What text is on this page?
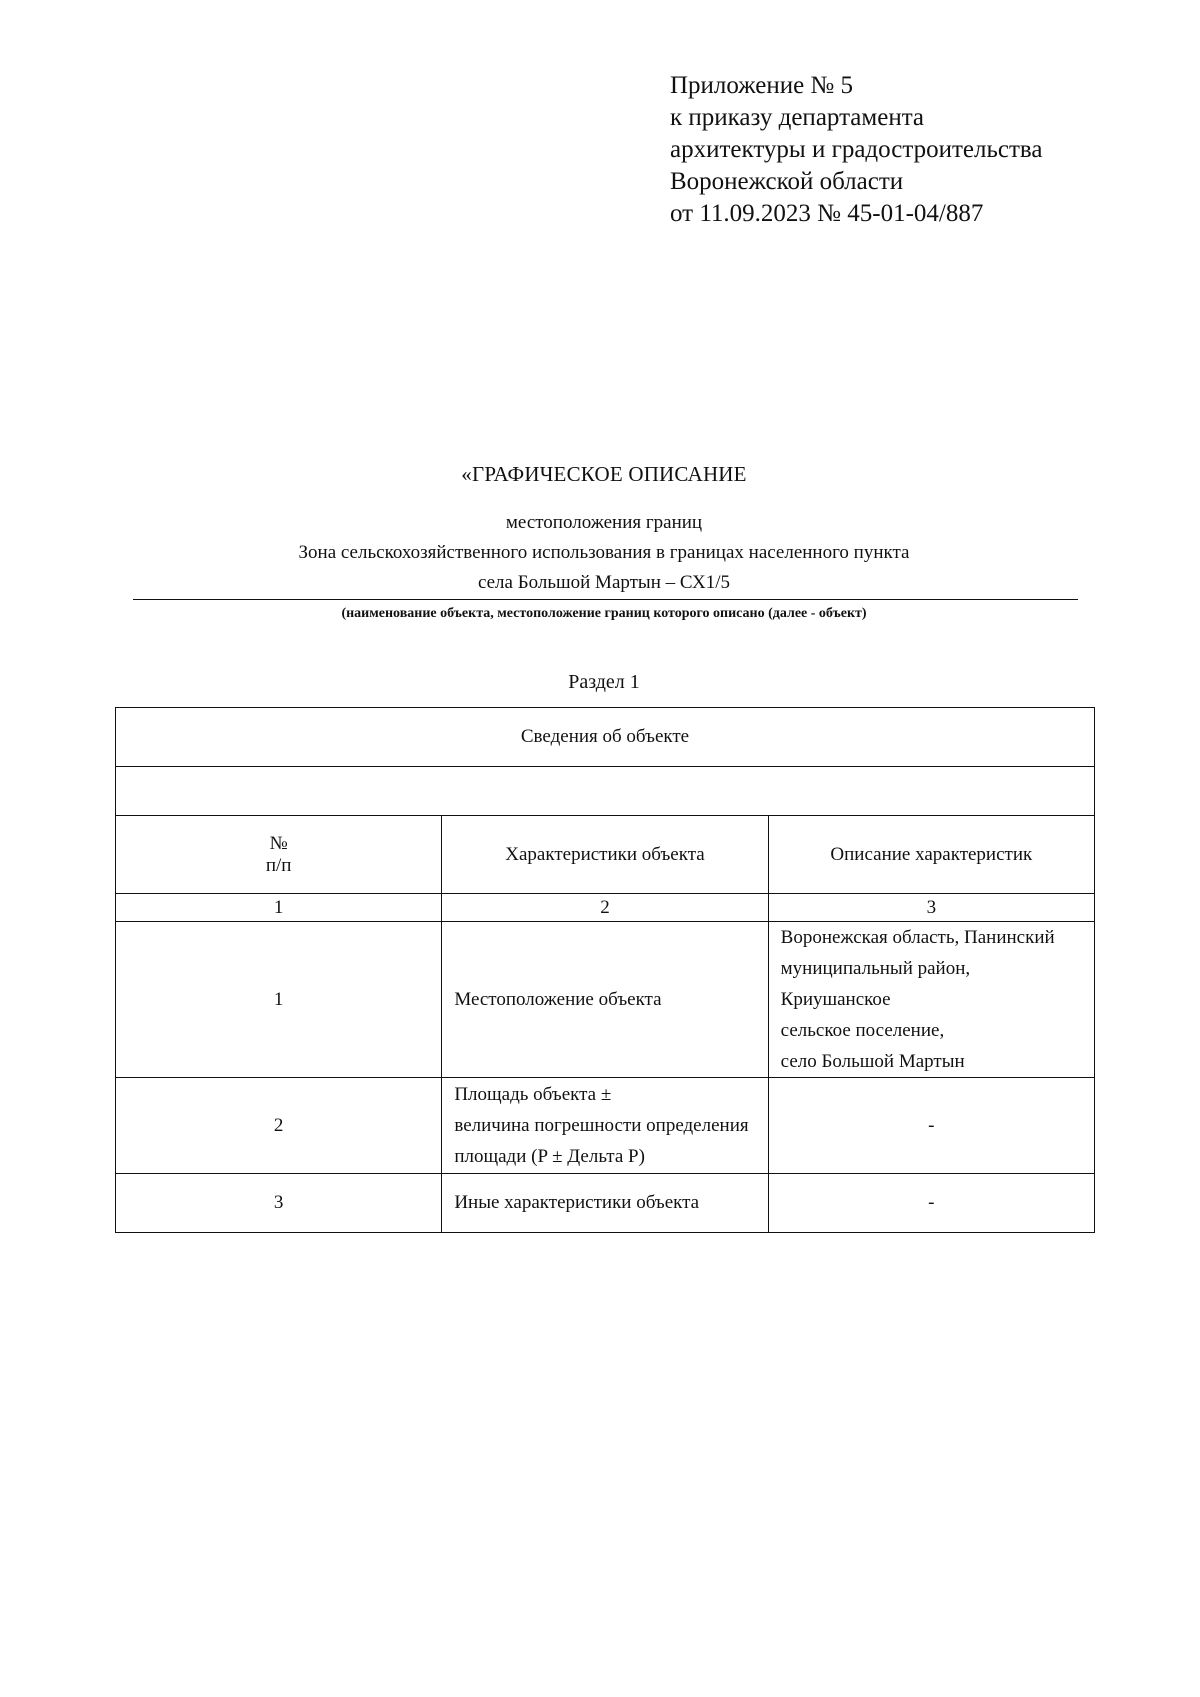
Приложение № 5
к приказу департамента
архитектуры и градостроительства
Воронежской области
от 11.09.2023 № 45-01-04/887
«ГРАФИЧЕСКОЕ ОПИСАНИЕ
местоположения границ
Зона сельскохозяйственного использования в границах населенного пункта
села Большой Мартын – СХ1/5
(наименование объекта, местоположение границ которого описано (далее - объект)
Раздел 1
Сведения об объекте		

№
п/п	Характеристики объекта	Описание характеристик
1	2	3
1	Местоположение объекта	Воронежская область, Панинский
муниципальный район, Криушанское
сельское поселение,
село Большой Мартын

2	Площадь объекта ±
величина погрешности определения
площади (P ± Дельта P)	-

3	Иные характеристики объекта	-
